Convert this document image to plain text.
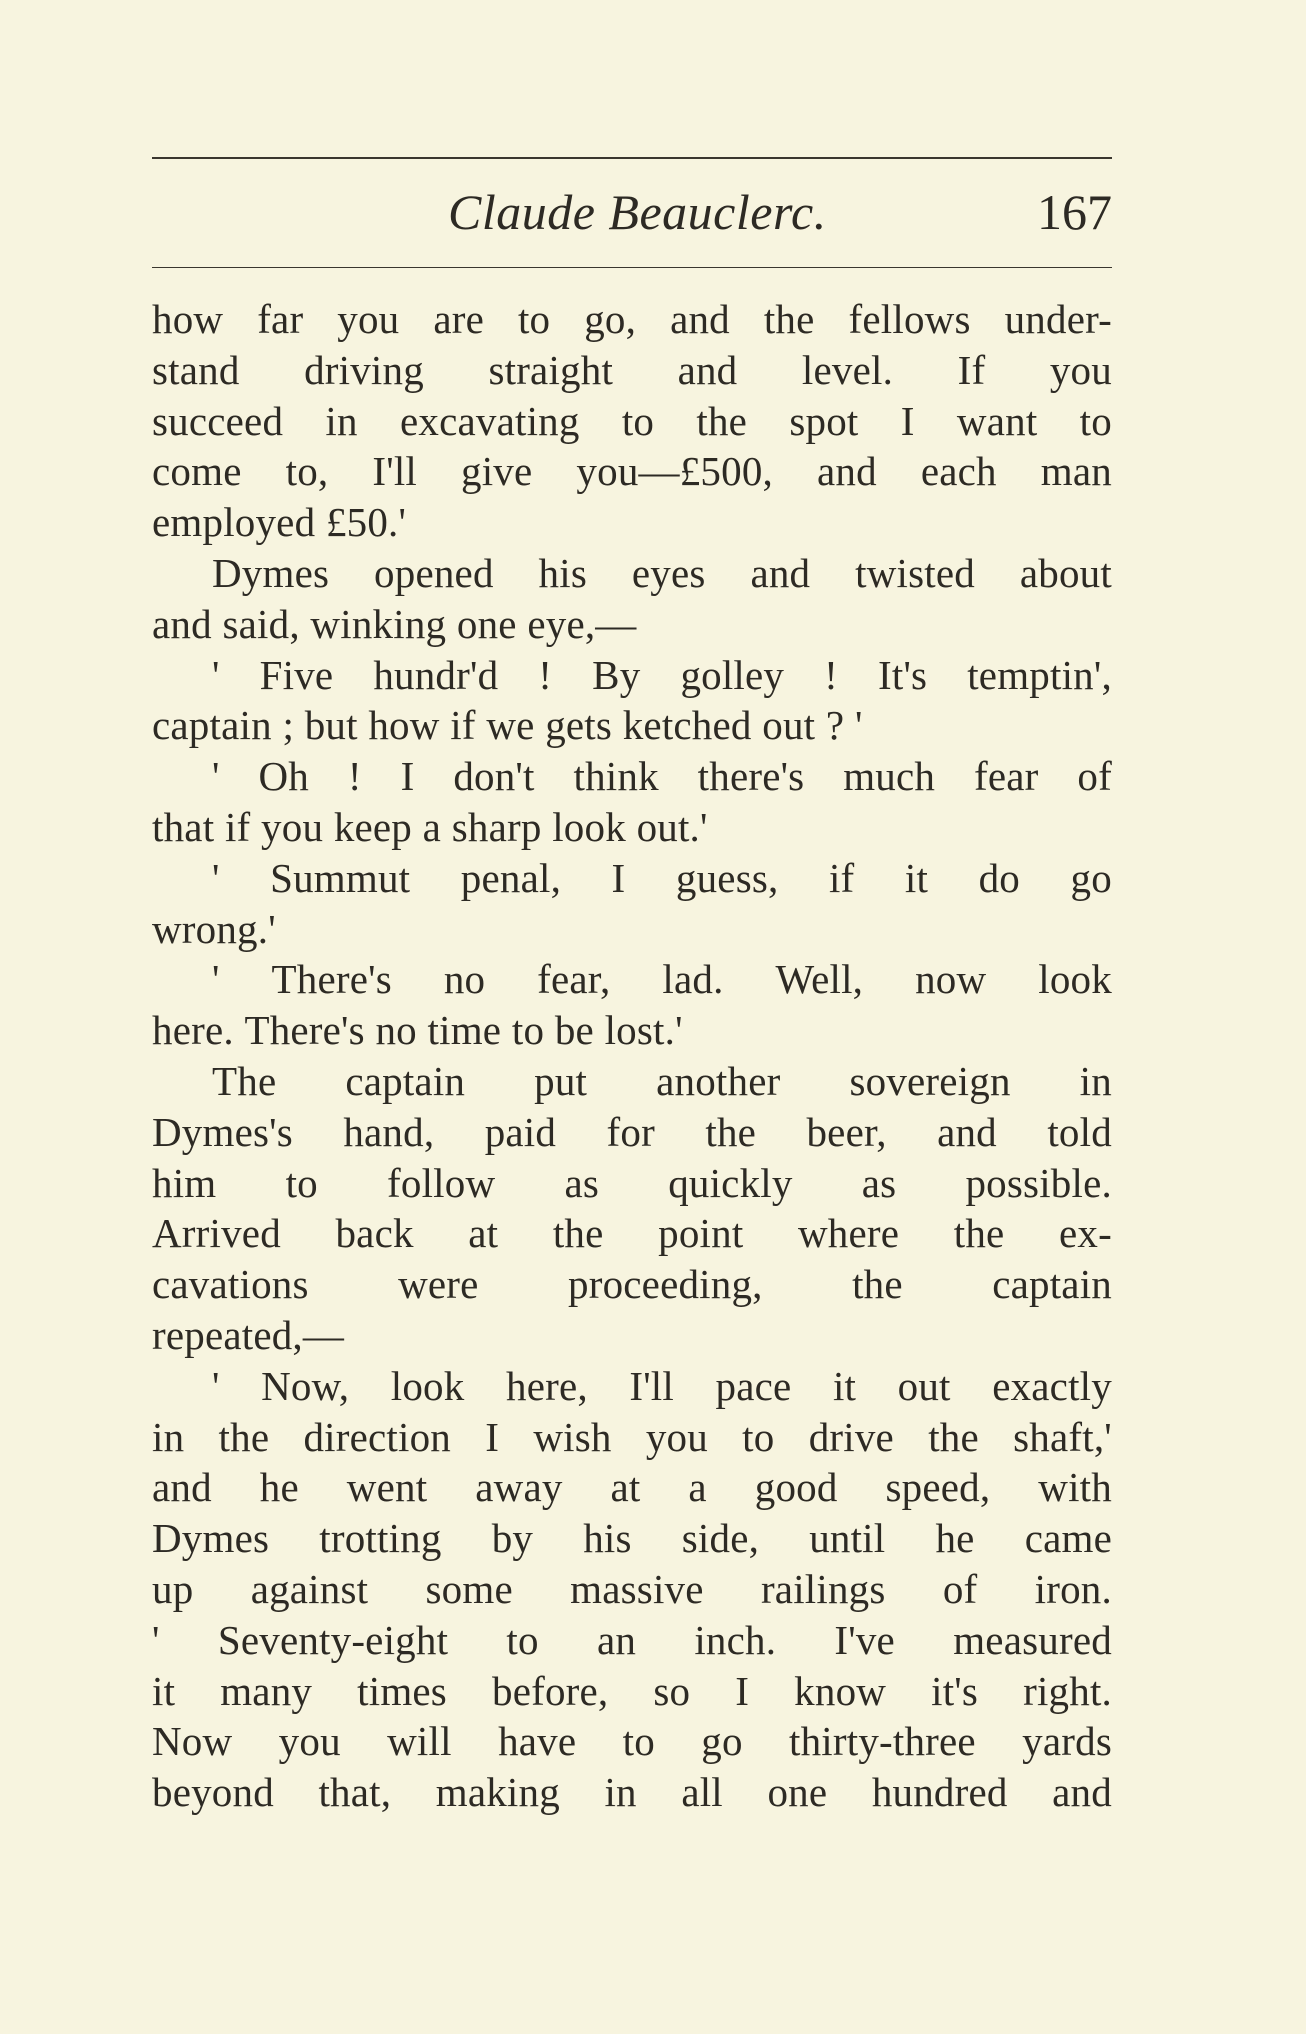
Claude Beauclerc.	167
how far you are to go, and the fellows under-
stand driving straight and level. If you
succeed in excavating to the spot I want to
come to, I'll give you—£500, and each man
employed £50.'
Dymes opened his eyes and twisted about
and said, winking one eye,—
' Five hundr'd ! By golley ! It's temptin',
captain ; but how if we gets ketched out ? '
' Oh ! I don't think there's much fear of
that if you keep a sharp look out.'
' Summut penal, I guess, if it do go
wrong.'
' There's no fear, lad. Well, now look
here. There's no time to be lost.'
The captain put another sovereign in
Dymes's hand, paid for the beer, and told
him to follow as quickly as possible.
Arrived back at the point where the ex-
cavations were proceeding, the captain
repeated,—
' Now, look here, I'll pace it out exactly
in the direction I wish you to drive the shaft,'
and he went away at a good speed, with
Dymes trotting by his side, until he came
up against some massive railings of iron.
' Seventy-eight to an inch. I've measured
it many times before, so I know it's right.
Now you will have to go thirty-three yards
beyond that, making in all one hundred and
